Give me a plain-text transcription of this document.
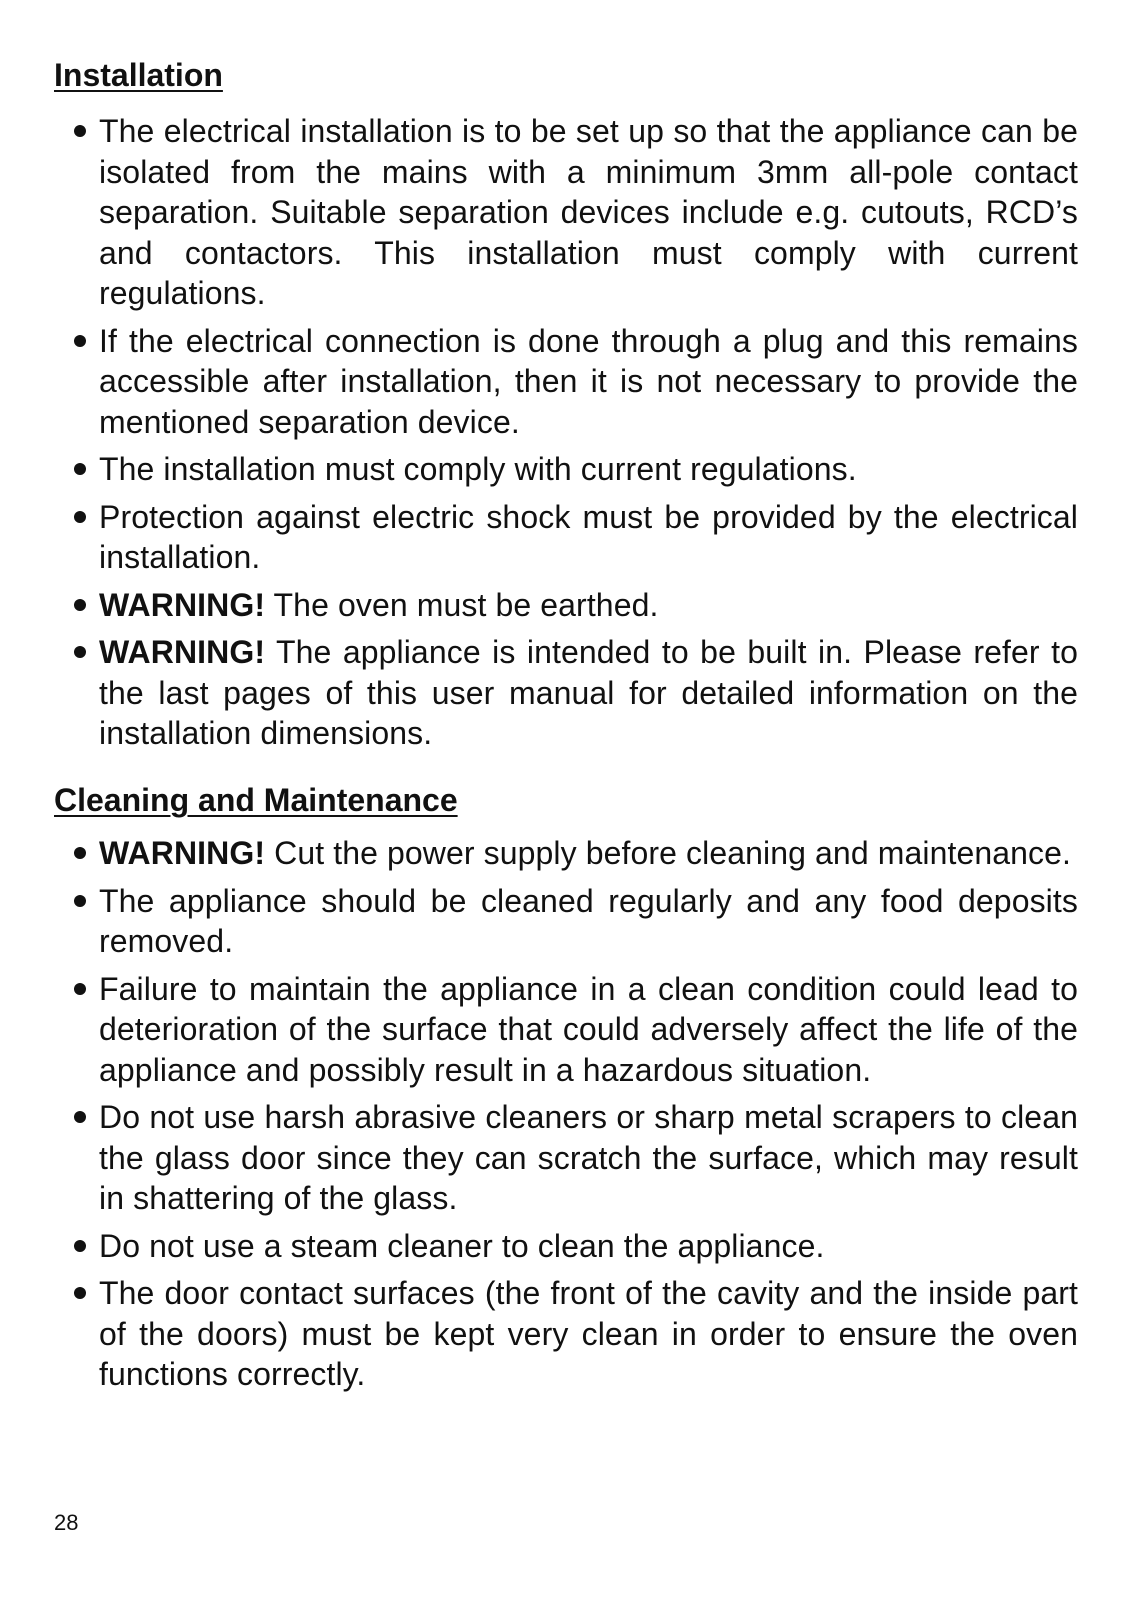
Installation
The electrical installation is to be set up so that the appliance can be isolated from the mains with a minimum 3mm all-pole contact separation. Suitable separation devices include e.g. cutouts, RCD’s and contactors. This installation must comply with current regulations.
If the electrical connection is done through a plug and this remains accessible after installation, then it is not necessary to provide the mentioned separation device.
The installation must comply with current regulations.
Protection against electric shock must be provided by the electrical installation.
WARNING! The oven must be earthed.
WARNING! The appliance is intended to be built in. Please refer to the last pages of this user manual for detailed information on the installation dimensions.
Cleaning and Maintenance
WARNING! Cut the power supply before cleaning and maintenance.
The appliance should be cleaned regularly and any food deposits removed.
Failure to maintain the appliance in a clean condition could lead to deterioration of the surface that could adversely affect the life of the appliance and possibly result in a hazardous situation.
Do not use harsh abrasive cleaners or sharp metal scrapers to clean the glass door since they can scratch the surface, which may result in shattering of the glass.
Do not use a steam cleaner to clean the appliance.
The door contact surfaces (the front of the cavity and the inside part of the doors) must be kept very clean in order to ensure the oven functions correctly.
28
